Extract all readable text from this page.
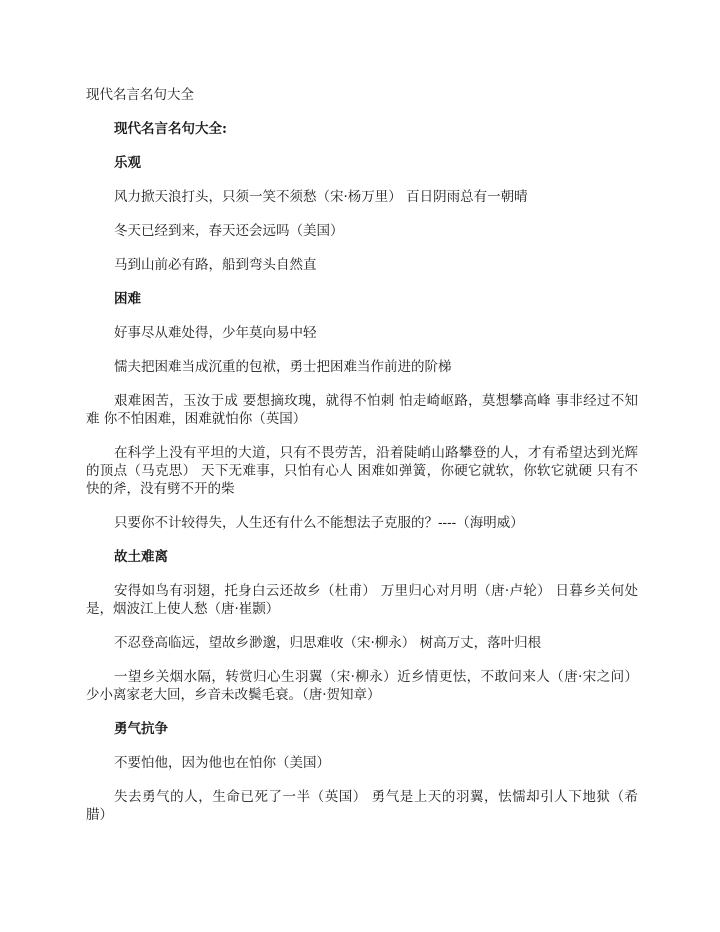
现代名言名句大全
现代名言名句大全:
乐观

风力掀天浪打头，只须一笑不须愁（宋·杨万里） 百日阴雨总有一朝晴

冬天已经到来，春天还会远吗（美国）

马到山前必有路，船到弯头自然直

困难

好事尽从难处得，少年莫向易中轻

懦夫把困难当成沉重的包袱，勇士把困难当作前进的阶梯

艰难困苦，玉汝于成 要想摘玫瑰，就得不怕刺 怕走崎岖路，莫想攀高峰 事非经过不知难 你不怕困难，困难就怕你（英国）

在科学上没有平坦的大道，只有不畏劳苦，沿着陡峭山路攀登的人，才有希望达到光辉的顶点（马克思） 天下无难事，只怕有心人 困难如弹簧，你硬它就软，你软它就硬 只有不快的斧，没有劈不开的柴

只要你不计较得失，人生还有什么不能想法子克服的？----（海明威）

故土难离

安得如鸟有羽翅，托身白云还故乡（杜甫） 万里归心对月明（唐·卢轮） 日暮乡关何处是，烟波江上使人愁（唐·崔颢）

不忍登高临远，望故乡渺邈，归思难收（宋·柳永） 树高万丈，落叶归根

一望乡关烟水隔，转赏归心生羽翼（宋·柳永）近乡情更怯，不敢问来人（唐·宋之问） 少小离家老大回，乡音未改鬓毛衰。（唐·贺知章）

勇气抗争

不要怕他，因为他也在怕你（美国）

失去勇气的人，生命已死了一半（英国） 勇气是上天的羽翼，怯懦却引人下地狱（希腊）
